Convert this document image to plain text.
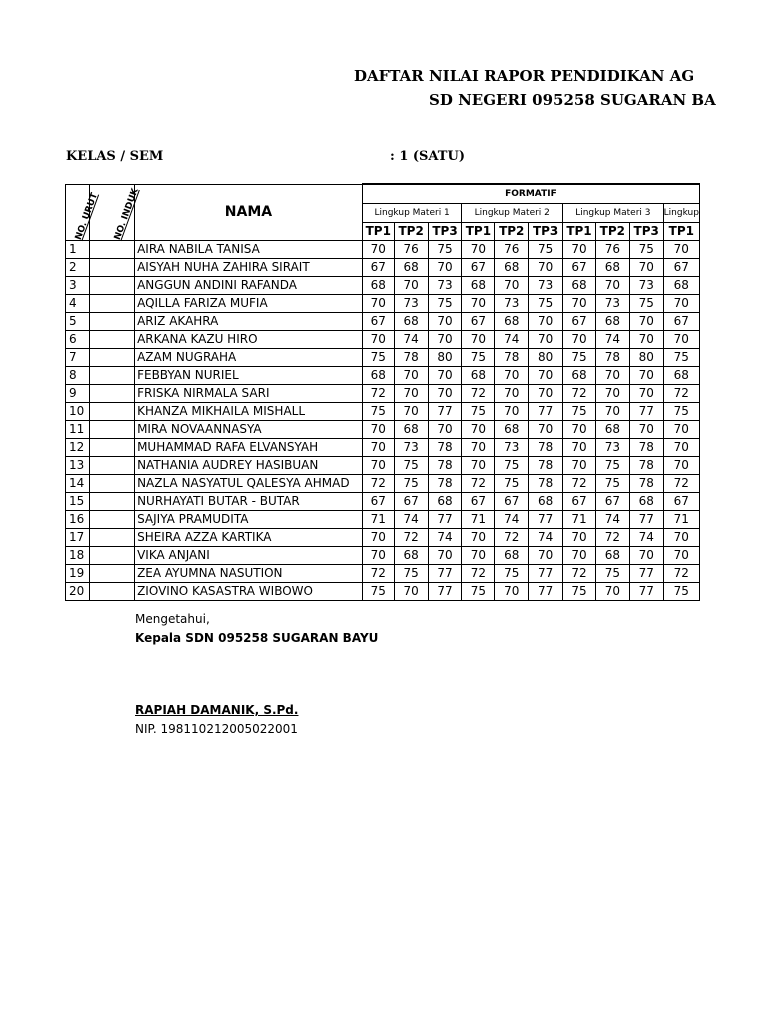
DAFTAR NILAI RAPOR PENDIDIKAN AG
SD NEGERI 095258 SUGARAN BA
KELAS / SEM	: 1 (SATU)
NO. URUT	NO. INDUK	NAMA	FORMATIF									
			Lingkup Materi 1			Lingkup Materi 2			Lingkup Materi 3			Lingkup
			TP1	TP2	TP3	TP1	TP2	TP3	TP1	TP2	TP3	TP1
1		AIRA NABILA TANISA	70	76	75	70	76	75	70	76	75	70
2		AISYAH NUHA ZAHIRA SIRAIT	67	68	70	67	68	70	67	68	70	67
3		ANGGUN ANDINI RAFANDA	68	70	73	68	70	73	68	70	73	68
4		AQILLA FARIZA MUFIA	70	73	75	70	73	75	70	73	75	70
5		ARIZ AKAHRA	67	68	70	67	68	70	67	68	70	67
6		ARKANA KAZU HIRO	70	74	70	70	74	70	70	74	70	70
7		AZAM NUGRAHA	75	78	80	75	78	80	75	78	80	75
8		FEBBYAN NURIEL	68	70	70	68	70	70	68	70	70	68
9		FRISKA NIRMALA SARI	72	70	70	72	70	70	72	70	70	72
10		KHANZA MIKHAILA MISHALL	75	70	77	75	70	77	75	70	77	75
11		MIRA NOVAANNASYA	70	68	70	70	68	70	70	68	70	70
12		MUHAMMAD RAFA ELVANSYAH	70	73	78	70	73	78	70	73	78	70
13		NATHANIA AUDREY HASIBUAN	70	75	78	70	75	78	70	75	78	70
14		NAZLA NASYATUL QALESYA AHMAD	72	75	78	72	75	78	72	75	78	72
15		NURHAYATI BUTAR - BUTAR	67	67	68	67	67	68	67	67	68	67
16		SAJIYA PRAMUDITA	71	74	77	71	74	77	71	74	77	71
17		SHEIRA AZZA KARTIKA	70	72	74	70	72	74	70	72	74	70
18		VIKA ANJANI	70	68	70	70	68	70	70	68	70	70
19		ZEA AYUMNA NASUTION	72	75	77	72	75	77	72	75	77	72
20		ZIOVINO KASASTRA WIBOWO	75	70	77	75	70	77	75	70	77	75
Mengetahui,
Kepala SDN 095258 SUGARAN BAYU
RAPIAH DAMANIK, S.Pd.
NIP. 198110212005022001
